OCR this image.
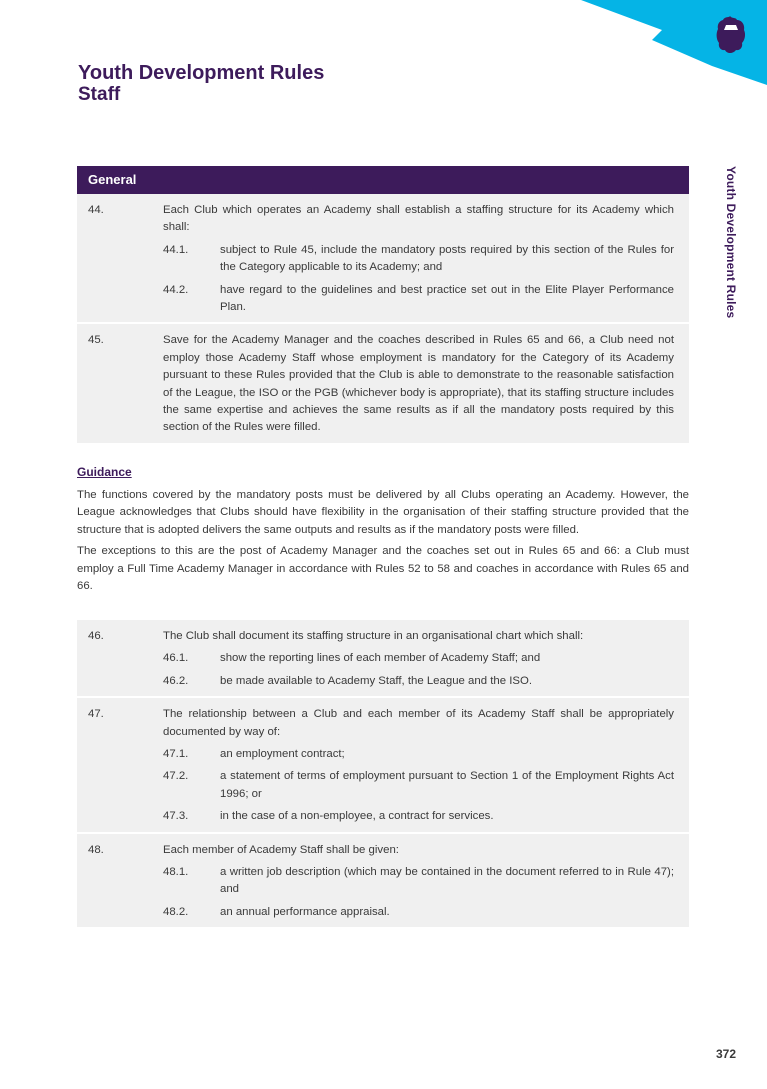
Youth Development Rules
Staff
Youth Development Rules
General
44.	Each Club which operates an Academy shall establish a staffing structure for its Academy which shall:
44.1.	subject to Rule 45, include the mandatory posts required by this section of the Rules for the Category applicable to its Academy; and
44.2.	have regard to the guidelines and best practice set out in the Elite Player Performance Plan.
45.	Save for the Academy Manager and the coaches described in Rules 65 and 66, a Club need not employ those Academy Staff whose employment is mandatory for the Category of its Academy pursuant to these Rules provided that the Club is able to demonstrate to the reasonable satisfaction of the League, the ISO or the PGB (whichever body is appropriate), that its staffing structure includes the same expertise and achieves the same results as if all the mandatory posts required by this section of the Rules were filled.
Guidance

The functions covered by the mandatory posts must be delivered by all Clubs operating an Academy. However, the League acknowledges that Clubs should have flexibility in the organisation of their staffing structure provided that the structure that is adopted delivers the same outputs and results as if the mandatory posts were filled.

The exceptions to this are the post of Academy Manager and the coaches set out in Rules 65 and 66: a Club must employ a Full Time Academy Manager in accordance with Rules 52 to 58 and coaches in accordance with Rules 65 and 66.

46.	The Club shall document its staffing structure in an organisational chart which shall:
46.1.	show the reporting lines of each member of Academy Staff; and
46.2.	be made available to Academy Staff, the League and the ISO.
47.	The relationship between a Club and each member of its Academy Staff shall be appropriately documented by way of:
47.1.	an employment contract;
47.2.	a statement of terms of employment pursuant to Section 1 of the Employment Rights Act 1996; or
47.3.	in the case of a non-employee, a contract for services.
48.	Each member of Academy Staff shall be given:
48.1.	a written job description (which may be contained in the document referred to in Rule 47); and
48.2.	an annual performance appraisal.
372
